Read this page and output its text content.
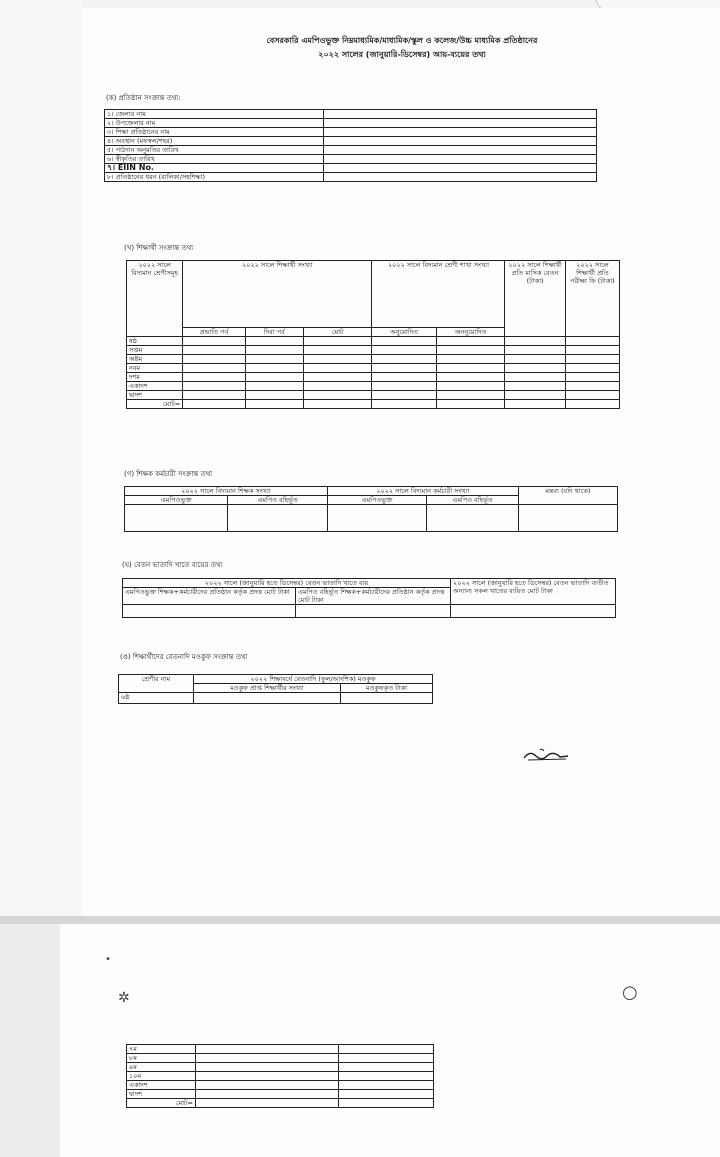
বেসরকারি এমপিওভুক্ত নিম্নমাধ্যমিক/মাধ্যমিক/স্কুল ও কলেজ/উচ্চ মাধ্যমিক প্রতিষ্ঠানের
২০২২ সালের (জানুয়ারি-ডিসেম্বর) আয়-ব্যয়ের তথ্য
(ক) প্রতিষ্ঠান সংক্রান্ত তথ্য:
১। জেলার নাম	
২। উপজেলার নাম	
৩। শিক্ষা প্রতিষ্ঠানের নাম	
৪। অবস্থান (মফস্বল/শহর)	
৫। পাঠদান অনুমতির তারিখ	
৬। স্বীকৃতির তারিখ	
৭। EIIN No.	
৮। প্রতিষ্ঠানের ধরন (বালিকা/সহশিক্ষা)	
(খ) শিক্ষার্থী সংক্রান্ত তথ্য
২০২২ সালে বিদ্যমান শ্রেণীসমূহ	২০২২ সালে শিক্ষার্থী সংখ্যা			২০২২ সালে বিদ্যমান শ্রেণী শাখা সংখ্যা		২০২২ সালে শিক্ষার্থী প্রতি মাসিক বেতন (টাকা)	২০২২ সালে শিক্ষার্থী প্রতি পরীক্ষা ফি (টাকা)
	প্রভাতি পর্ব	দিবা পর্ব	মোট	অনুমোদিত	অননুমোদিত		
ষষ্ঠ							
সপ্তম							
অষ্টম							
নবম							
দশম							
একাদশ							
দ্বাদশ							
মোট=							
(গ) শিক্ষক কর্মচারী সংক্রান্ত তথ্য
২০২২ সালে বিদ্যমান শিক্ষক সংখ্যা		২০২২ সালে বিদ্যমান কর্মচারী সংখ্যা		মন্তব্য (যদি থাকে)
এমপিওভুক্ত	এমপিও বহির্ভূত	এমপিওভুক্ত	এমপিও বহির্ভূত	

(ঘ) বেতন ভাতাদি খাতে ব্যয়ের তথ্য
২০২২ সালে (জানুয়ারি হতে ডিসেম্বর) বেতন ভাতাদি খাতে ব্যয়		২০২২ সালে (জানুয়ারি হতে ডিসেম্বর) বেতন ভাতাদি ব্যতীত অন্যান্য সকল খাতের ব্যয়িত মোট টাকা
এমপিওভুক্ত শিক্ষক+কর্মচারীদের প্রতিষ্ঠান কর্তৃক প্রদত্ত মোট টাকা	এমপিও বহির্ভূত শিক্ষক+কর্মচারীদের প্রতিষ্ঠান কর্তৃক প্রদত্ত মোট টাকা	

(ঙ) শিক্ষার্থীদের বেতনাদি মওকুফ সংক্রান্ত তথ্য
শ্রেণীর নাম	২০২২ শিক্ষাবর্ষে বেতনাদি (ফুল/আংশিক) মওকুফ	
	মওকুফ প্রাপ্ত শিক্ষার্থীর সংখ্যা	মওকুফকৃত টাকা
৬ষ্ঠ		
•
✲	○
৭ম		
৮ম		
৯ম		
১০ম		
একাদশ		
দ্বাদশ		
মোট=		
